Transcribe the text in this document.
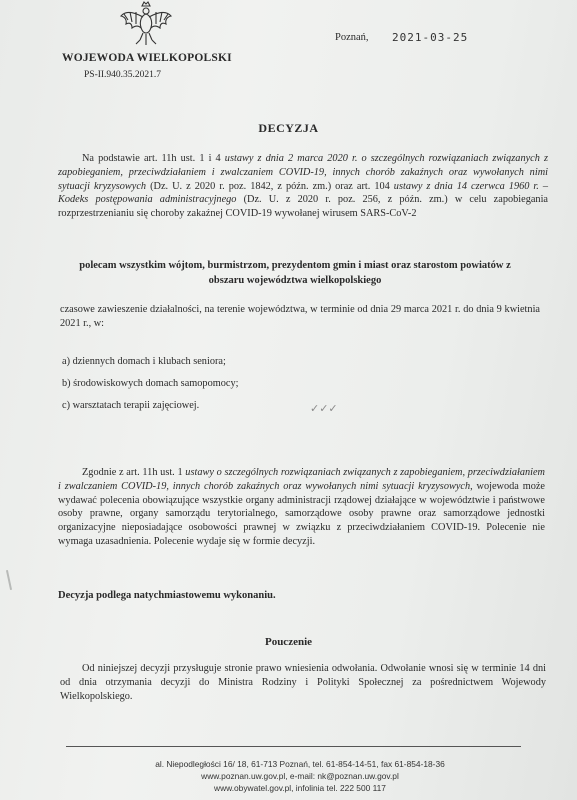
WOJEWODA WIELKOPOLSKI
PS-II.940.35.2021.7
Poznań, 2021-03-25
DECYZJA
Na podstawie art. 11h ust. 1 i 4 ustawy z dnia 2 marca 2020 r. o szczególnych rozwiązaniach związanych z zapobieganiem, przeciwdziałaniem i zwalczaniem COVID-19, innych chorób zakaźnych oraz wywołanych nimi sytuacji kryzysowych (Dz. U. z 2020 r. poz. 1842, z późn. zm.) oraz art. 104 ustawy z dnia 14 czerwca 1960 r. – Kodeks postępowania administracyjnego (Dz. U. z 2020 r. poz. 256, z późn. zm.) w celu zapobiegania rozprzestrzenianiu się choroby zakaźnej COVID-19 wywołanej wirusem SARS-CoV-2
polecam wszystkim wójtom, burmistrzom, prezydentom gmin i miast oraz starostom powiatów z obszaru województwa wielkopolskiego
czasowe zawieszenie działalności, na terenie województwa, w terminie od dnia 29 marca 2021 r. do dnia 9 kwietnia 2021 r., w:
a) dziennych domach i klubach seniora;
b) środowiskowych domach samopomocy;
c) warsztatach terapii zajęciowej.	✓✓✓
Zgodnie z art. 11h ust. 1 ustawy o szczególnych rozwiązaniach związanych z zapobieganiem, przeciwdziałaniem i zwalczaniem COVID-19, innych chorób zakaźnych oraz wywołanych nimi sytuacji kryzysowych, wojewoda może wydawać polecenia obowiązujące wszystkie organy administracji rządowej działające w województwie i państwowe osoby prawne, organy samorządu terytorialnego, samorządowe osoby prawne oraz samorządowe jednostki organizacyjne nieposiadające osobowości prawnej w związku z przeciwdziałaniem COVID-19. Polecenie nie wymaga uzasadnienia. Polecenie wydaje się w formie decyzji.
Decyzja podlega natychmiastowemu wykonaniu.
Pouczenie
Od niniejszej decyzji przysługuje stronie prawo wniesienia odwołania. Odwołanie wnosi się w terminie 14 dni od dnia otrzymania decyzji do Ministra Rodziny i Polityki Społecznej za pośrednictwem Wojewody Wielkopolskiego.
al. Niepodległości 16/ 18, 61-713 Poznań, tel. 61-854-14-51, fax 61-854-18-36
www.poznan.uw.gov.pl, e-mail: nk@poznan.uw.gov.pl
www.obywatel.gov.pl, infolinia tel. 222 500 117
